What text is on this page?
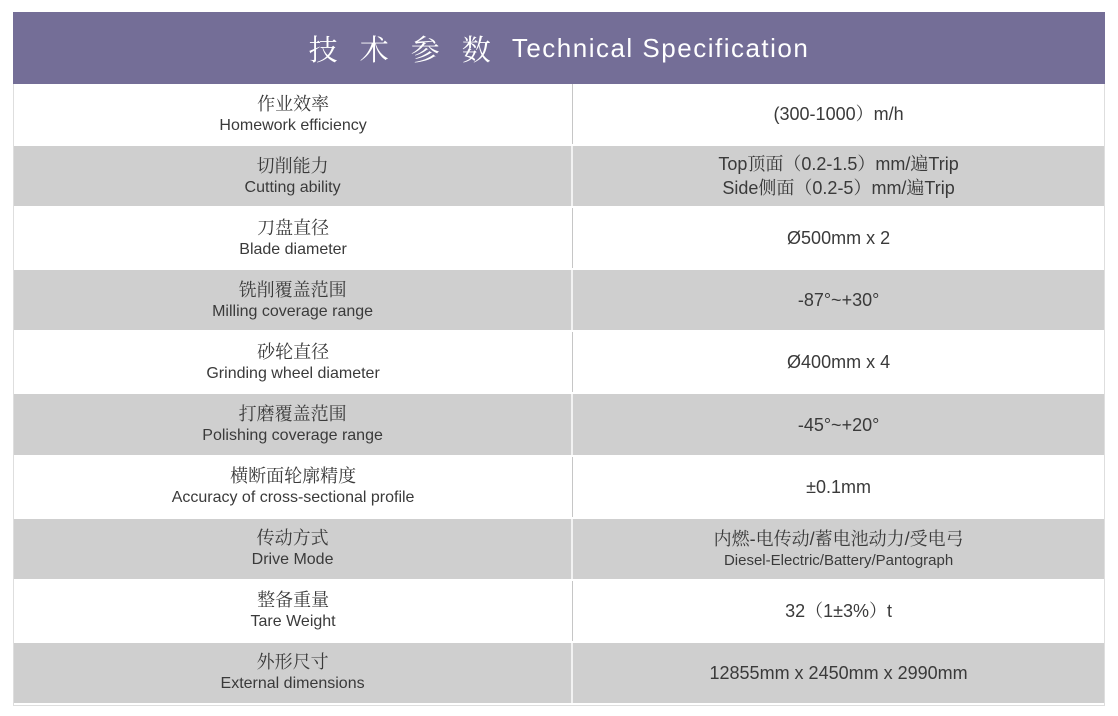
技 术 参 数 Technical Specification
作业效率
Homework efficiency
(300-1000）m/h
切削能力
Cutting ability
Top顶面（0.2-1.5）mm/遍Trip
Side侧面（0.2-5）mm/遍Trip
刀盘直径
Blade diameter
Ø500mm x 2
铣削覆盖范围
Milling coverage range
-87°~+30°
砂轮直径
Grinding wheel diameter
Ø400mm x 4
打磨覆盖范围
Polishing coverage range
-45°~+20°
横断面轮廓精度
Accuracy of cross-sectional profile
±0.1mm
传动方式
Drive Mode
内燃-电传动/蓄电池动力/受电弓
Diesel-Electric/Battery/Pantograph
整备重量
Tare Weight
32（1±3%）t
外形尺寸
External dimensions
12855mm x 2450mm x 2990mm
